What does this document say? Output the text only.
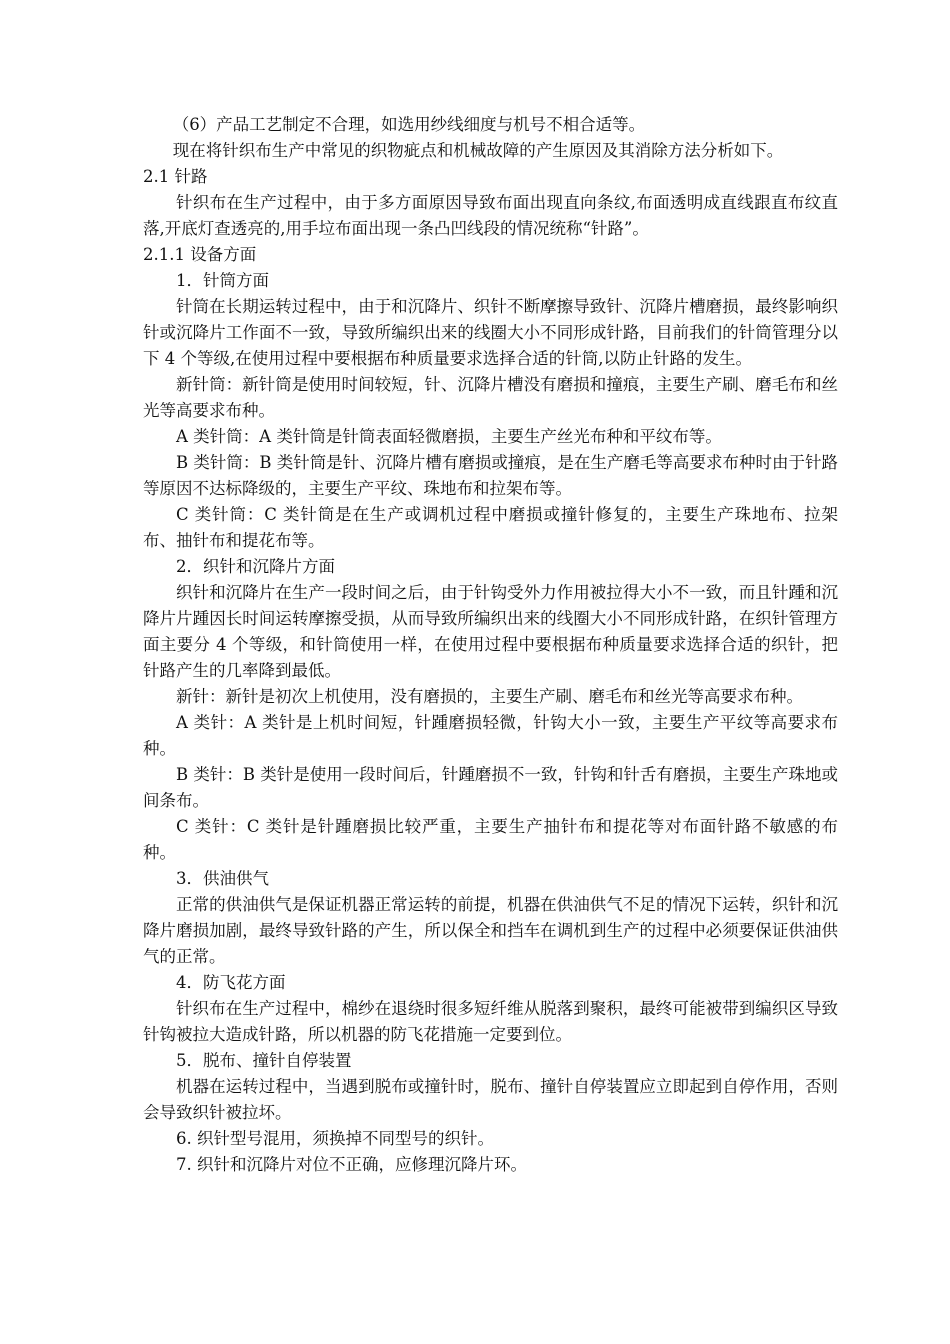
（6）产品工艺制定不合理，如选用纱线细度与机号不相合适等。

现在将针织布生产中常见的织物疵点和机械故障的产生原因及其消除方法分析如下。

2.1 针路

针织布在生产过程中，由于多方面原因导致布面出现直向条纹,布面透明成直线跟直布纹直落,开底灯查透亮的,用手垃布面出现一条凸凹线段的情况统称“针路”。

2.1.1 设备方面

1．针筒方面

针筒在长期运转过程中，由于和沉降片、织针不断摩擦导致针、沉降片槽磨损，最终影响织针或沉降片工作面不一致，导致所编织出来的线圈大小不同形成针路，目前我们的针筒管理分以下 4 个等级,在使用过程中要根据布种质量要求选择合适的针筒,以防止针路的发生。

新针筒：新针筒是使用时间较短，针、沉降片槽没有磨损和撞痕，主要生产刷、磨毛布和丝光等高要求布种。

A 类针筒：A 类针筒是针筒表面轻微磨损，主要生产丝光布种和平纹布等。

B 类针筒：B 类针筒是针、沉降片槽有磨损或撞痕，是在生产磨毛等高要求布种时由于针路等原因不达标降级的，主要生产平纹、珠地布和拉架布等。

C 类针筒：C 类针筒是在生产或调机过程中磨损或撞针修复的，主要生产珠地布、拉架布、抽针布和提花布等。

2．织针和沉降片方面

织针和沉降片在生产一段时间之后，由于针钩受外力作用被拉得大小不一致，而且针踵和沉降片片踵因长时间运转摩擦受损，从而导致所编织出来的线圈大小不同形成针路，在织针管理方面主要分 4 个等级，和针筒使用一样，在使用过程中要根据布种质量要求选择合适的织针，把针路产生的几率降到最低。

新针：新针是初次上机使用，没有磨损的，主要生产刷、磨毛布和丝光等高要求布种。

A 类针：A 类针是上机时间短，针踵磨损轻微，针钩大小一致，主要生产平纹等高要求布种。

B 类针：B 类针是使用一段时间后，针踵磨损不一致，针钩和针舌有磨损，主要生产珠地或间条布。

C 类针：C 类针是针踵磨损比较严重，主要生产抽针布和提花等对布面针路不敏感的布种。

3．供油供气

正常的供油供气是保证机器正常运转的前提，机器在供油供气不足的情况下运转，织针和沉降片磨损加剧，最终导致针路的产生，所以保全和挡车在调机到生产的过程中必须要保证供油供气的正常。

4．防飞花方面

针织布在生产过程中，棉纱在退绕时很多短纤维从脱落到聚积，最终可能被带到编织区导致针钩被拉大造成针路，所以机器的防飞花措施一定要到位。

5．脱布、撞针自停装置

机器在运转过程中，当遇到脱布或撞针时，脱布、撞针自停装置应立即起到自停作用，否则会导致织针被拉坏。

6. 织针型号混用，须换掉不同型号的织针。

7. 织针和沉降片对位不正确，应修理沉降片环。
